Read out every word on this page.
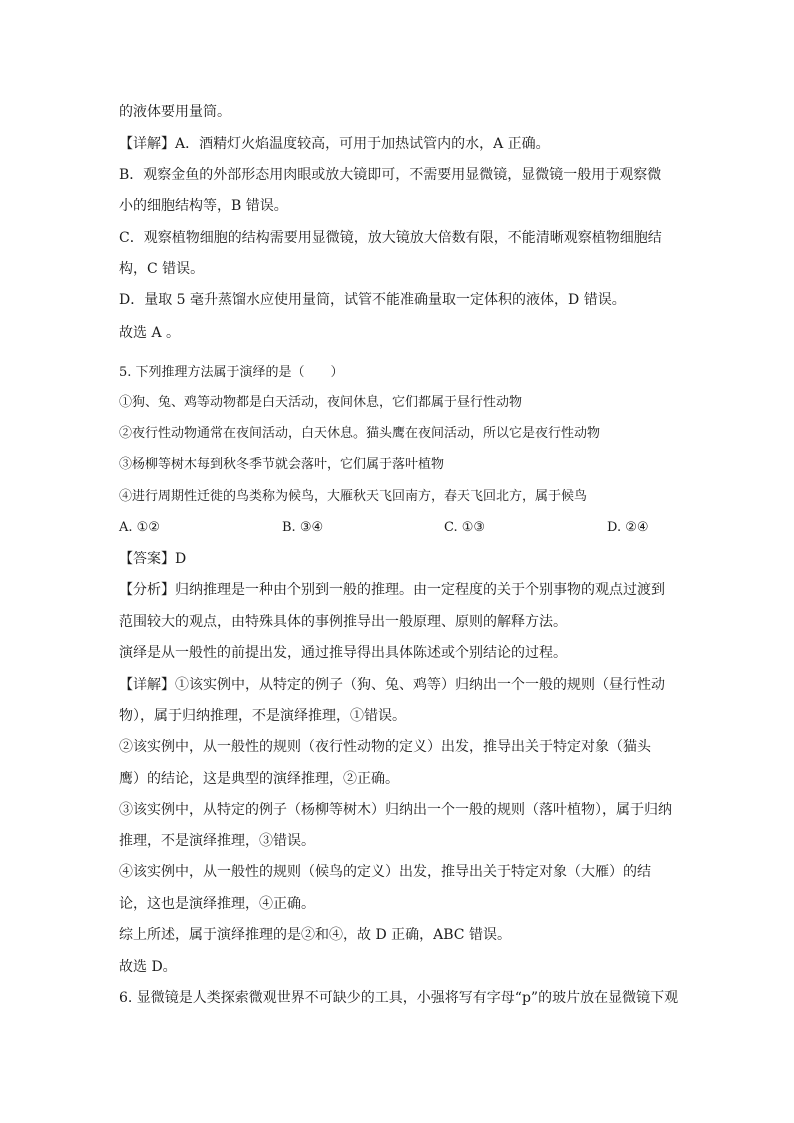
的液体要用量筒。
【详解】A．酒精灯火焰温度较高，可用于加热试管内的水，A 正确。
B．观察金鱼的外部形态用肉眼或放大镜即可，不需要用显微镜，显微镜一般用于观察微
小的细胞结构等，B 错误。
C．观察植物细胞的结构需要用显微镜，放大镜放大倍数有限，不能清晰观察植物细胞结
构，C 错误。
D．量取 5 毫升蒸馏水应使用量筒，试管不能准确量取一定体积的液体，D 错误。
故选 A 。
5. 下列推理方法属于演绎的是（　　）
①狗、兔、鸡等动物都是白天活动，夜间休息，它们都属于昼行性动物
②夜行性动物通常在夜间活动，白天休息。猫头鹰在夜间活动，所以它是夜行性动物
③杨柳等树木每到秋冬季节就会落叶，它们属于落叶植物
④进行周期性迁徙的鸟类称为候鸟，大雁秋天飞回南方，春天飞回北方，属于候鸟
A. ①②	B. ③④	C. ①③	D. ②④
【答案】D
【分析】归纳推理是一种由个别到一般的推理。由一定程度的关于个别事物的观点过渡到
范围较大的观点，由特殊具体的事例推导出一般原理、原则的解释方法。
演绎是从一般性的前提出发，通过推导得出具体陈述或个别结论的过程。
【详解】①该实例中，从特定的例子（狗、兔、鸡等）归纳出一个一般的规则（昼行性动
物），属于归纳推理，不是演绎推理，①错误。
②该实例中，从一般性的规则（夜行性动物的定义）出发，推导出关于特定对象（猫头
鹰）的结论，这是典型的演绎推理，②正确。
③该实例中，从特定的例子（杨柳等树木）归纳出一个一般的规则（落叶植物），属于归纳
推理，不是演绎推理，③错误。
④该实例中，从一般性的规则（候鸟的定义）出发，推导出关于特定对象（大雁）的结
论，这也是演绎推理，④正确。
综上所述，属于演绎推理的是②和④，故 D 正确，ABC 错误。
故选 D。
6. 显微镜是人类探索微观世界不可缺少的工具，小强将写有字母“p”的玻片放在显微镜下观
